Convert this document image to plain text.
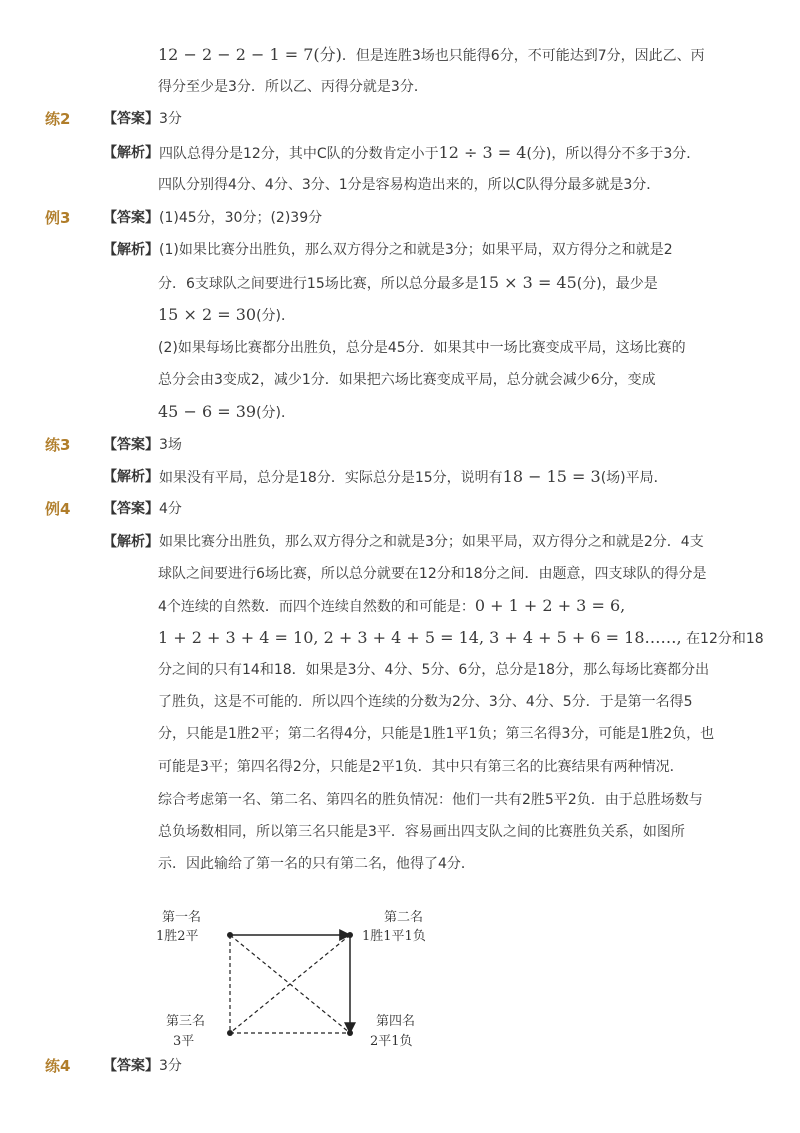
12 − 2 − 2 − 1 = 7(分)．但是连胜3场也只能得6分，不可能达到7分，因此乙、丙
得分至少是3分．所以乙、丙得分就是3分．
练2 【答案】 3分
【解析】 四队总得分是12分，其中C队的分数肯定小于12 ÷ 3 = 4(分)，所以得分不多于3分．
四队分别得4分、4分、3分、1分是容易构造出来的，所以C队得分最多就是3分．
例3 【答案】 (1)45分，30分；(2)39分
【解析】 (1)如果比赛分出胜负，那么双方得分之和就是3分；如果平局，双方得分之和就是2
分．6支球队之间要进行15场比赛，所以总分最多是15 × 3 = 45(分)，最少是
15 × 2 = 30(分)．
(2)如果每场比赛都分出胜负，总分是45分．如果其中一场比赛变成平局，这场比赛的
总分会由3变成2，减少1分．如果把六场比赛变成平局，总分就会减少6分，变成
45 − 6 = 39(分)．
练3 【答案】 3场
【解析】 如果没有平局，总分是18分．实际总分是15分，说明有18 − 15 = 3(场)平局．
例4 【答案】 4分
【解析】 如果比赛分出胜负，那么双方得分之和就是3分；如果平局，双方得分之和就是2分．4支
球队之间要进行6场比赛，所以总分就要在12分和18分之间．由题意，四支球队的得分是
4个连续的自然数．而四个连续自然数的和可能是：0 + 1 + 2 + 3 = 6,
1 + 2 + 3 + 4 = 10, 2 + 3 + 4 + 5 = 14, 3 + 4 + 5 + 6 = 18……, 在12分和18
分之间的只有14和18．如果是3分、4分、5分、6分，总分是18分，那么每场比赛都分出
了胜负，这是不可能的．所以四个连续的分数为2分、3分、4分、5分．于是第一名得5
分，只能是1胜2平；第二名得4分，只能是1胜1平1负；第三名得3分，可能是1胜2负，也
可能是3平；第四名得2分，只能是2平1负．其中只有第三名的比赛结果有两种情况．
综合考虑第一名、第二名、第四名的胜负情况：他们一共有2胜5平2负．由于总胜场数与
总负场数相同，所以第三名只能是3平．容易画出四支队之间的比赛胜负关系，如图所
示．因此输给了第一名的只有第二名，他得了4分．
第一名
1胜2平
第二名
1胜1平1负
第三名
3平
第四名
2平1负
练4 【答案】 3分
